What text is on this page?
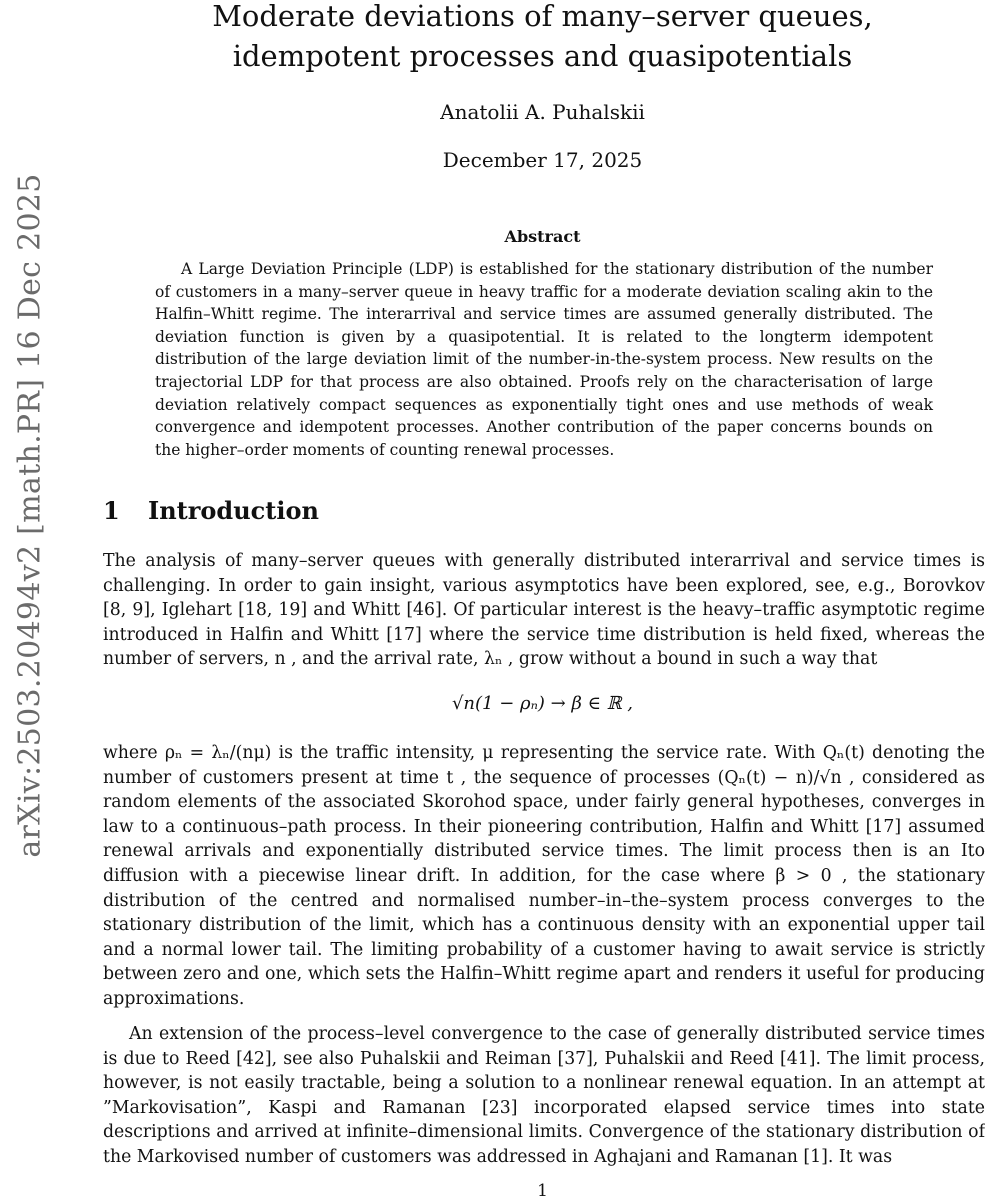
arXiv:2503.20494v2 [math.PR] 16 Dec 2025
Moderate deviations of many–server queues,
idempotent processes and quasipotentials
Anatolii A. Puhalskii
December 17, 2025
Abstract

A Large Deviation Principle (LDP) is established for the stationary distribution of the number of customers in a many–server queue in heavy traffic for a moderate deviation scaling akin to the Halfin–Whitt regime. The interarrival and service times are assumed generally distributed. The deviation function is given by a quasipotential. It is related to the longterm idempotent distribution of the large deviation limit of the number-in-the-system process. New results on the trajectorial LDP for that process are also obtained. Proofs rely on the characterisation of large deviation relatively compact sequences as exponentially tight ones and use methods of weak convergence and idempotent processes. Another contribution of the paper concerns bounds on the higher–order moments of counting renewal processes.

1 Introduction

The analysis of many–server queues with generally distributed interarrival and service times is challenging. In order to gain insight, various asymptotics have been explored, see, e.g., Borovkov [8, 9], Iglehart [18, 19] and Whitt [46]. Of particular interest is the heavy–traffic asymptotic regime introduced in Halfin and Whitt [17] where the service time distribution is held fixed, whereas the number of servers, n , and the arrival rate, λₙ , grow without a bound in such a way that

√n(1 − ρₙ) → β ∈ ℝ ,

where ρₙ = λₙ/(nμ) is the traffic intensity, μ representing the service rate. With Qₙ(t) denoting the number of customers present at time t , the sequence of processes (Qₙ(t) − n)/√n , considered as random elements of the associated Skorohod space, under fairly general hypotheses, converges in law to a continuous–path process. In their pioneering contribution, Halfin and Whitt [17] assumed renewal arrivals and exponentially distributed service times. The limit process then is an Ito diffusion with a piecewise linear drift. In addition, for the case where β > 0 , the stationary distribution of the centred and normalised number–in–the–system process converges to the stationary distribution of the limit, which has a continuous density with an exponential upper tail and a normal lower tail. The limiting probability of a customer having to await service is strictly between zero and one, which sets the Halfin–Whitt regime apart and renders it useful for producing approximations.

An extension of the process–level convergence to the case of generally distributed service times is due to Reed [42], see also Puhalskii and Reiman [37], Puhalskii and Reed [41]. The limit process, however, is not easily tractable, being a solution to a nonlinear renewal equation. In an attempt at ”Markovisation”, Kaspi and Ramanan [23] incorporated elapsed service times into state descriptions and arrived at infinite–dimensional limits. Convergence of the stationary distribution of the Markovised number of customers was addressed in Aghajani and Ramanan [1]. It was

1
